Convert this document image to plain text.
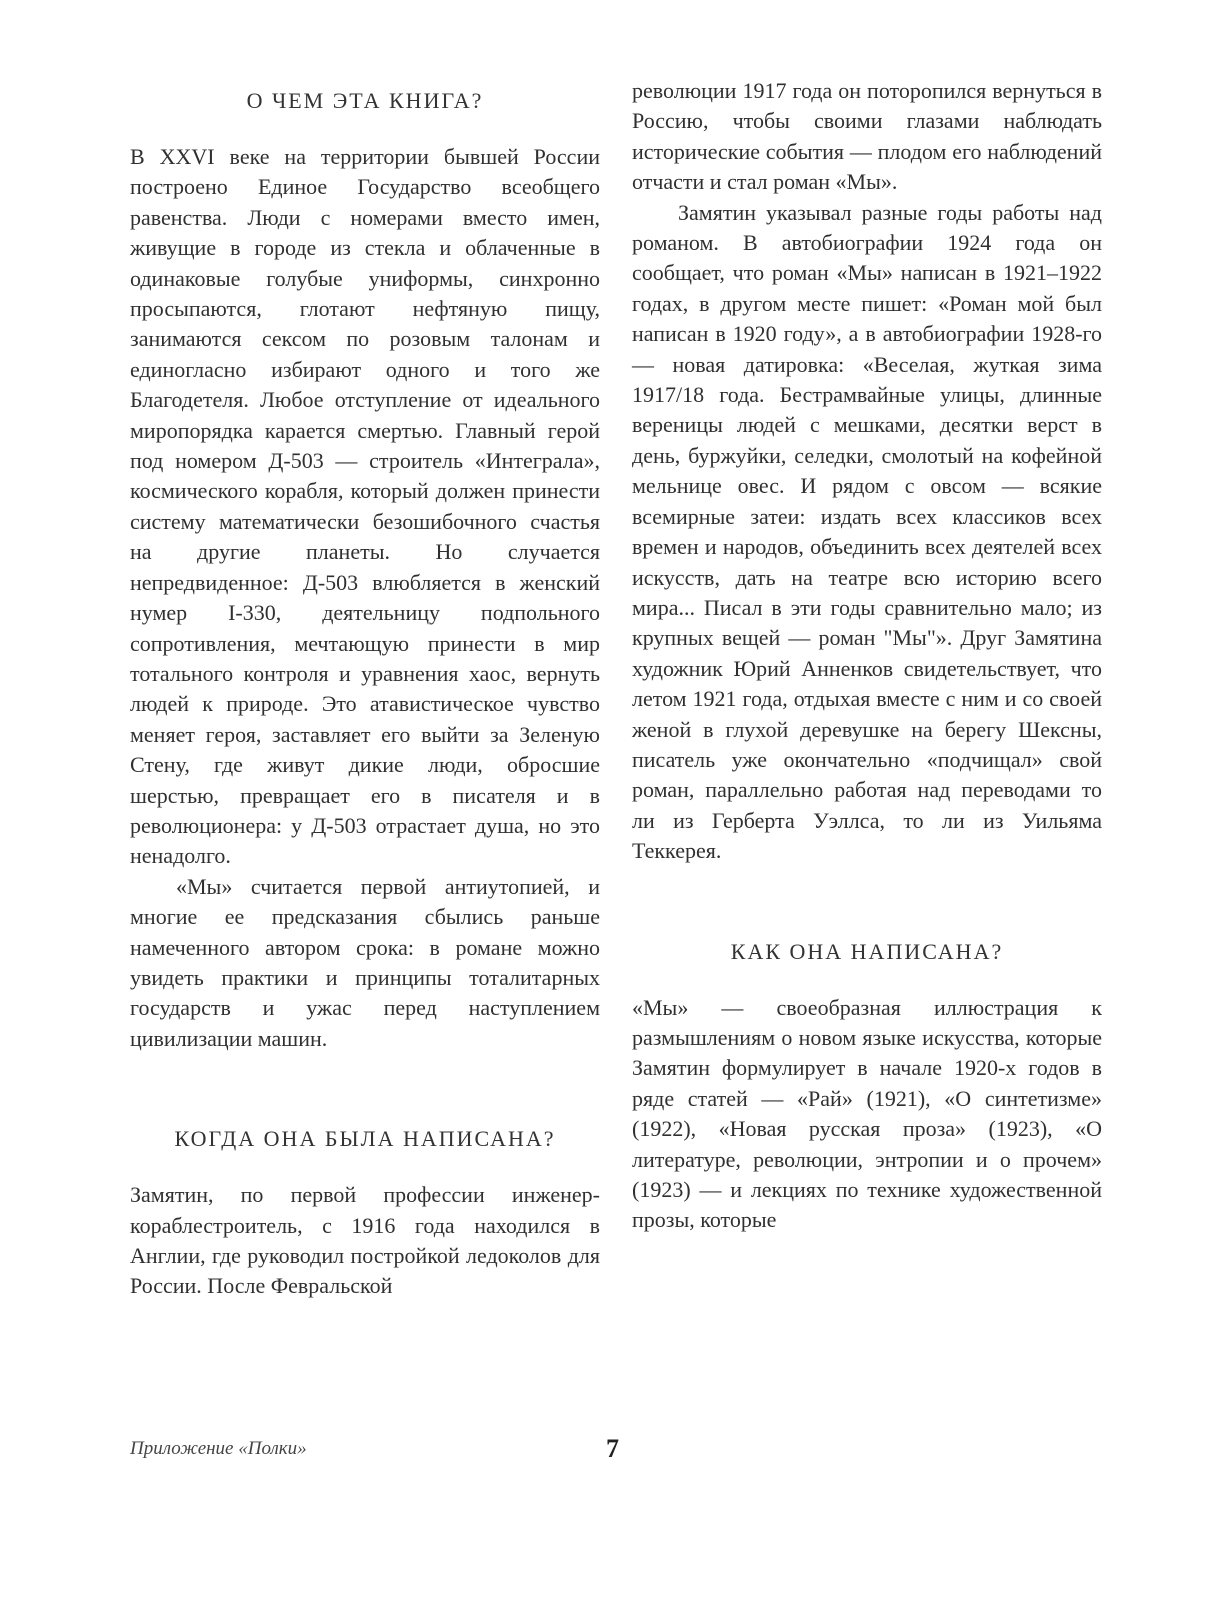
О ЧЕМ ЭТА КНИГА?

В XXVI веке на территории бывшей России построено Единое Государство всеобщего равенства. Люди с номерами вместо имен, живущие в городе из стекла и облаченные в одинаковые голубые униформы, синхронно просыпаются, глотают нефтяную пищу, занимаются сексом по розовым талонам и единогласно избирают одного и того же Благодетеля. Любое отступление от идеального миропорядка карается смертью. Главный герой под номером Д-503 — строитель «Интеграла», космического корабля, который должен принести систему математически безошибочного счастья на другие планеты. Но случается непредвиденное: Д-503 влюбляется в женский нумер I-330, деятельницу подпольного сопротивления, мечтающую принести в мир тотального контроля и уравнения хаос, вернуть людей к природе. Это атавистическое чувство меняет героя, заставляет его выйти за Зеленую Стену, где живут дикие люди, обросшие шерстью, превращает его в писателя и в революционера: у Д-503 отрастает душа, но это ненадолго.

«Мы» считается первой антиутопией, и многие ее предсказания сбылись раньше намеченного автором срока: в романе можно увидеть практики и принципы тоталитарных государств и ужас перед наступлением цивилизации машин.

КОГДА ОНА БЫЛА НАПИСАНА?

Замятин, по первой профессии инженер-кораблестроитель, с 1916 года находился в Англии, где руководил постройкой ледоколов для России. После Февральской

революции 1917 года он поторопился вернуться в Россию, чтобы своими глазами наблюдать исторические события — плодом его наблюдений отчасти и стал роман «Мы».

Замятин указывал разные годы работы над романом. В автобиографии 1924 года он сообщает, что роман «Мы» написан в 1921–1922 годах, в другом месте пишет: «Роман мой был написан в 1920 году», а в автобиографии 1928-го — новая датировка: «Веселая, жуткая зима 1917/18 года. Бестрамвайные улицы, длинные вереницы людей с мешками, десятки верст в день, буржуйки, селедки, смолотый на кофейной мельнице овес. И рядом с овсом — всякие всемирные затеи: издать всех классиков всех времен и народов, объединить всех деятелей всех искусств, дать на театре всю историю всего мира... Писал в эти годы сравнительно мало; из крупных вещей — роман "Мы"». Друг Замятина художник Юрий Анненков свидетельствует, что летом 1921 года, отдыхая вместе с ним и со своей женой в глухой деревушке на берегу Шексны, писатель уже окончательно «подчищал» свой роман, параллельно работая над переводами то ли из Герберта Уэллса, то ли из Уильяма Теккерея.

КАК ОНА НАПИСАНА?

«Мы» — своеобразная иллюстрация к размышлениям о новом языке искусства, которые Замятин формулирует в начале 1920-х годов в ряде статей — «Рай» (1921), «О синтетизме» (1922), «Новая русская проза» (1923), «О литературе, революции, энтропии и о прочем» (1923) — и лекциях по технике художественной прозы, которые

Приложение «Полки»	7
